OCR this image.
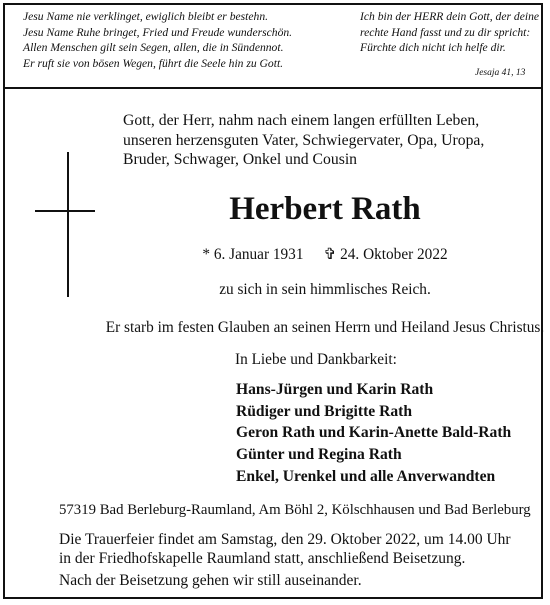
Jesu Name nie verklinget, ewiglich bleibt er bestehn.
Jesu Name Ruhe bringet, Fried und Freude wunderschön.
Allen Menschen gilt sein Segen, allen, die in Sündennot.
Er ruft sie von bösen Wegen, führt die Seele hin zu Gott.
Ich bin der HERR dein Gott, der deine
rechte Hand fasst und zu dir spricht:
Fürchte dich nicht ich helfe dir.
Jesaja 41, 13
Gott, der Herr, nahm nach einem langen erfüllten Leben,
unseren herzensguten Vater, Schwiegervater, Opa, Uropa,
Bruder, Schwager, Onkel und Cousin
Herbert Rath
* 6. Januar 1931 ✞ 24. Oktober 2022
zu sich in sein himmlisches Reich.
Er starb im festen Glauben an seinen Herrn und Heiland Jesus Christus.
In Liebe und Dankbarkeit:
Hans-Jürgen und Karin Rath
Rüdiger und Brigitte Rath
Geron Rath und Karin-Anette Bald-Rath
Günter und Regina Rath
Enkel, Urenkel und alle Anverwandten
57319 Bad Berleburg-Raumland, Am Böhl 2, Kölschhausen und Bad Berleburg
Die Trauerfeier findet am Samstag, den 29. Oktober 2022, um 14.00 Uhr
in der Friedhofskapelle Raumland statt, anschließend Beisetzung.
Nach der Beisetzung gehen wir still auseinander.
